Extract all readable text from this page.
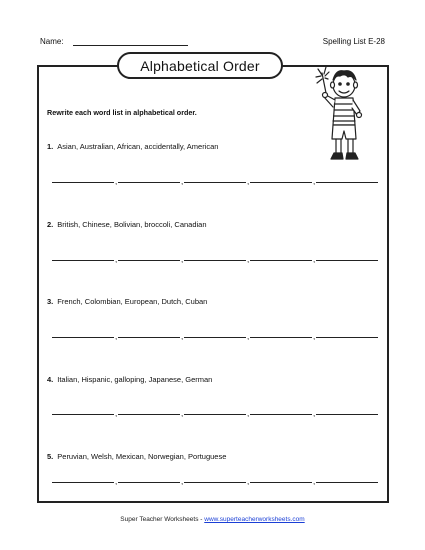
Name:	Spelling List E-28
Alphabetical Order
Rewrite each word list in alphabetical order.
1. Asian, Australian, African, accidentally, American
,	,	,	,
2. British, Chinese, Bolivian, broccoli, Canadian
,	,	,	,
3. French, Colombian, European, Dutch, Cuban
,	,	,	,
4. Italian, Hispanic, galloping, Japanese, German
,	,	,	,
5. Peruvian, Welsh, Mexican, Norwegian, Portuguese
,	,	,	,
Super Teacher Worksheets - www.superteacherworksheets.com
